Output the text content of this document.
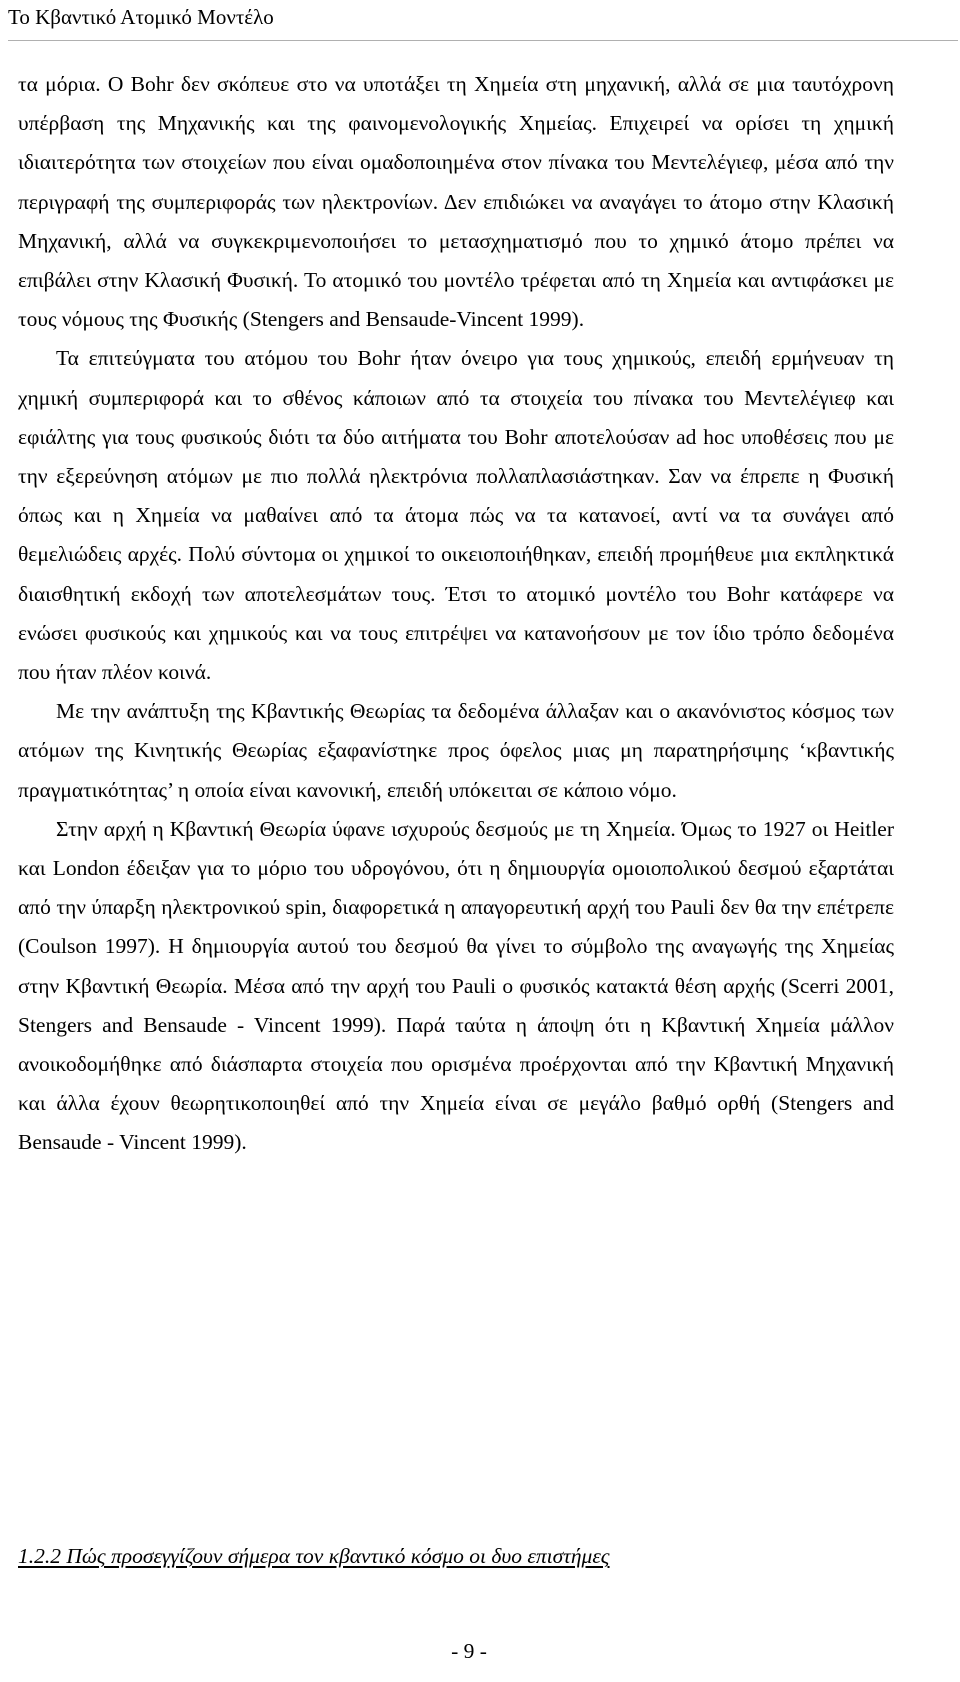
Το Κβαντικό Ατομικό Μοντέλο

τα μόρια. Ο Bohr δεν σκόπευε στο να υποτάξει τη Χημεία στη μηχανική, αλλά σε μια ταυτόχρονη υπέρβαση της Μηχανικής και της φαινομενολογικής Χημείας. Επιχειρεί να ορίσει τη χημική ιδιαιτερότητα των στοιχείων που είναι ομαδοποιημένα στον πίνακα του Μεντελέγιεφ, μέσα από την περιγραφή της συμπεριφοράς των ηλεκτρονίων. Δεν επιδιώκει να αναγάγει το άτομο στην Κλασική Μηχανική, αλλά να συγκεκριμενοποιήσει το μετασχηματισμό που το χημικό άτομο πρέπει να επιβάλει στην Κλασική Φυσική. Το ατομικό του μοντέλο τρέφεται από τη Χημεία και αντιφάσκει με τους νόμους της Φυσικής (Stengers and Bensaude-Vincent 1999).

Τα επιτεύγματα του ατόμου του Bohr ήταν όνειρο για τους χημικούς, επειδή ερμήνευαν τη χημική συμπεριφορά και το σθένος κάποιων από τα στοιχεία του πίνακα του Μεντελέγιεφ και εφιάλτης για τους φυσικούς διότι τα δύο αιτήματα του Bohr αποτελούσαν ad hoc υποθέσεις που με την εξερεύνηση ατόμων με πιο πολλά ηλεκτρόνια πολλαπλασιάστηκαν. Σαν να έπρεπε η Φυσική όπως και η Χημεία να μαθαίνει από τα άτομα πώς να τα κατανοεί, αντί να τα συνάγει από θεμελιώδεις αρχές. Πολύ σύντομα οι χημικοί το οικειοποιήθηκαν, επειδή προμήθευε μια εκπληκτικά διαισθητική εκδοχή των αποτελεσμάτων τους. Έτσι το ατομικό μοντέλο του Bohr κατάφερε να ενώσει φυσικούς και χημικούς και να τους επιτρέψει να κατανοήσουν με τον ίδιο τρόπο δεδομένα που ήταν πλέον κοινά.

Με την ανάπτυξη της Κβαντικής Θεωρίας τα δεδομένα άλλαξαν και ο ακανόνιστος κόσμος των ατόμων της Κινητικής Θεωρίας εξαφανίστηκε προς όφελος μιας μη παρατηρήσιμης ‘κβαντικής πραγματικότητας’ η οποία είναι κανονική, επειδή υπόκειται σε κάποιο νόμο.

Στην αρχή η Κβαντική Θεωρία ύφανε ισχυρούς δεσμούς με τη Χημεία. Όμως το 1927 οι Heitler και London έδειξαν για το μόριο του υδρογόνου, ότι η δημιουργία ομοιοπολικού δεσμού εξαρτάται από την ύπαρξη ηλεκτρονικού spin, διαφορετικά η απαγορευτική αρχή του Pauli δεν θα την επέτρεπε (Coulson 1997). Η δημιουργία αυτού του δεσμού θα γίνει το σύμβολο της αναγωγής της Χημείας στην Κβαντική Θεωρία. Μέσα από την αρχή του Pauli ο φυσικός κατακτά θέση αρχής (Scerri 2001, Stengers and Bensaude - Vincent 1999). Παρά ταύτα η άποψη ότι η Κβαντική Χημεία μάλλον ανοικοδομήθηκε από διάσπαρτα στοιχεία που ορισμένα προέρχονται από την Κβαντική Μηχανική και άλλα έχουν θεωρητικοποιηθεί από την Χημεία είναι σε μεγάλο βαθμό ορθή (Stengers and Bensaude - Vincent 1999).

1.2.2 Πώς προσεγγίζουν σήμερα τον κβαντικό κόσμο οι δυο επιστήμες
- 9 -
